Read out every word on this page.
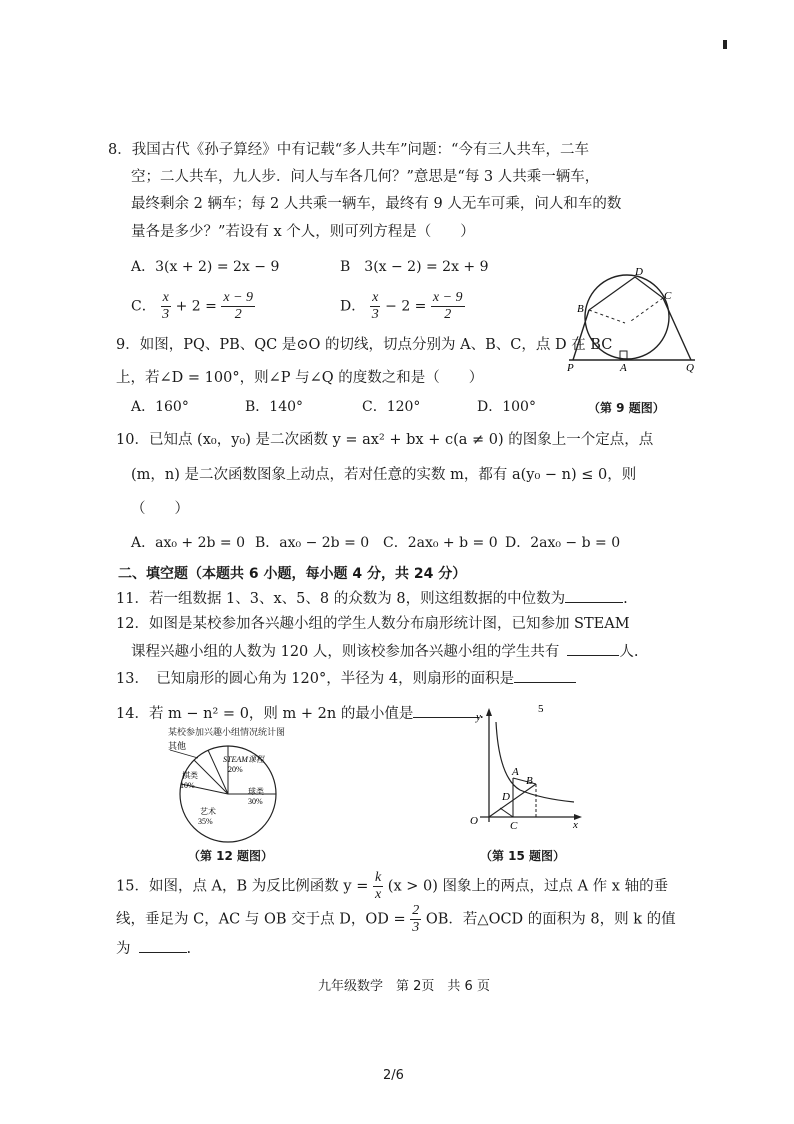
8．我国古代《孙子算经》中有记载“多人共车”问题：“今有三人共车，二车
空；二人共车，九人步．问人与车各几何？”意思是“每 3 人共乘一辆车，
最终剩余 2 辆车；每 2 人共乘一辆车，最终有 9 人无车可乘，问人和车的数
量各是多少？”若设有 x 个人，则可列方程是（　　）
A．3(x + 2) = 2x − 9	B　3(x − 2) = 2x + 9
C． $\frac{x}{3} + 2 = \frac{x - 9}{2}$	D． $\frac{x}{3} - 2 = \frac{x - 9}{2}$
D
B
C
P	A	Q
9．如图，PQ、PB、QC 是⊙O 的切线，切点分别为 A、B、C，点 D 在 BC
上，若∠D = 100°，则∠P 与∠Q 的度数之和是（　　）
A．160°	B．140°	C．120°	D．100°	（第 9 题图）
10．已知点 (x₀，y₀) 是二次函数 y = ax² + bx + c(a ≠ 0) 的图象上一个定点，点
(m，n) 是二次函数图象上动点，若对任意的实数 m，都有 a(y₀ − n) ≤ 0，则
（　　）
A．ax₀ + 2b = 0 B．ax₀ − 2b = 0 C．2ax₀ + b = 0 D．2ax₀ − b = 0
二、填空题（本题共 6 小题，每小题 4 分，共 24 分）
11．若一组数据 1、3、x、5、8 的众数为 8，则这组数据的中位数为	.
12．如图是某校参加各兴趣小组的学生人数分布扇形统计图，已知参加 STEAM
课程兴趣小组的人数为 120 人，则该校参加各兴趣小组的学生共有	人.
13．　已知扇形的圆心角为 120°，半径为 4，则扇形的面积是
14．若 m − n² = 0，则 m + 2n 的最小值是	.
某校参加兴趣小组情况统计图
其他
STEAM课程
20%
棋类
10%
球类
30%
艺术
35%
（第 12 题图）
5
y
x
O
A
B
D
C
（第 15 题图）
15．如图，点 A，B 为反比例函数 $y = \frac{k}{x} (x > 0)$ 图象上的两点，过点 A 作 x 轴的垂
线，垂足为 C，AC 与 OB 交于点 D，OD = $\frac{2}{3}$ OB．若△OCD 的面积为 8，则 k 的值
为	.
九年级数学　第 2页　共 6 页
2/6
